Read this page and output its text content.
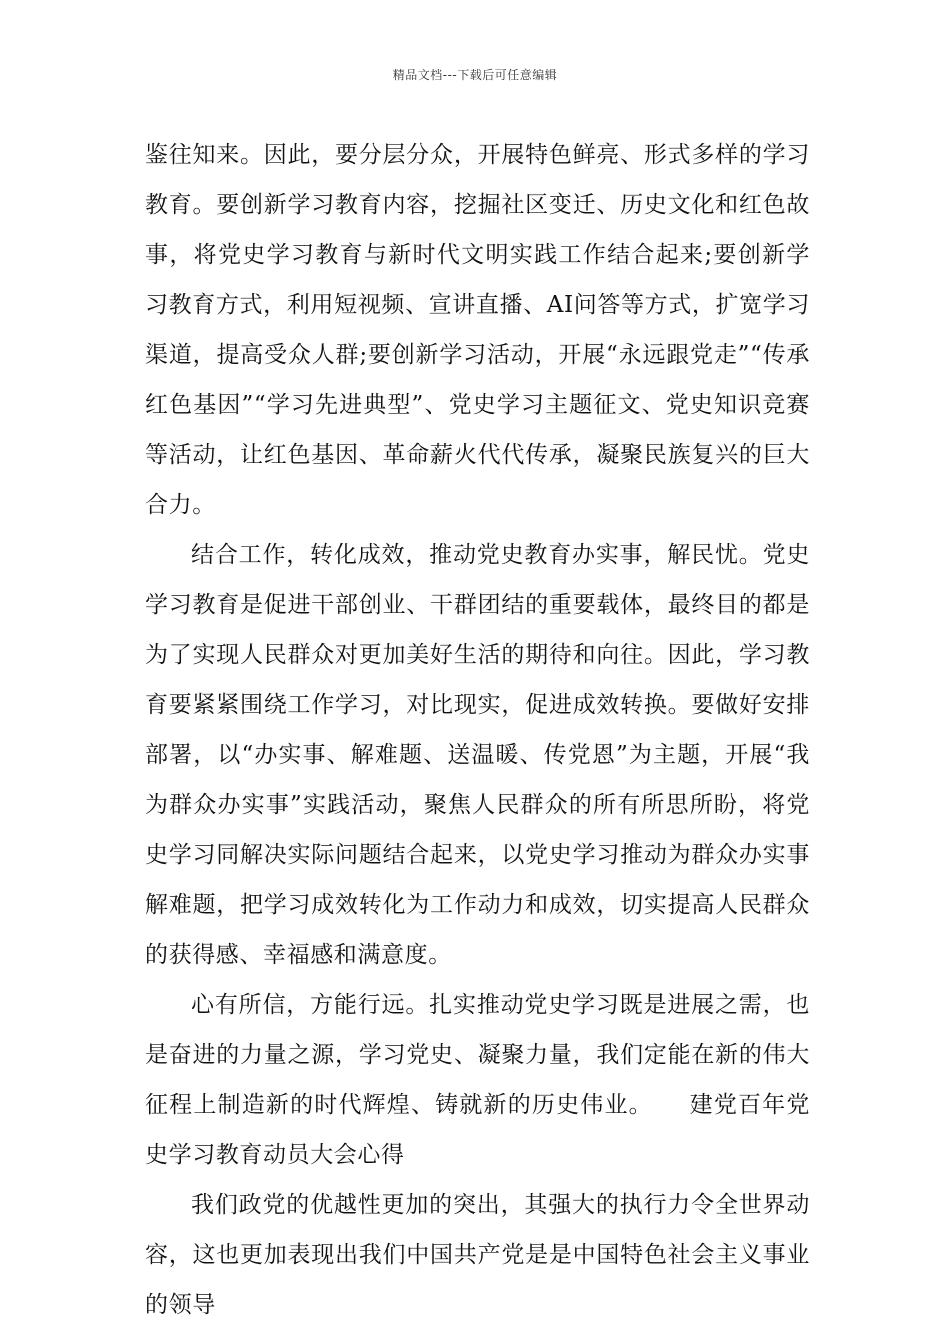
精品文档---下载后可任意编辑

鉴往知来。因此，要分层分众，开展特色鲜亮、形式多样的学习教育。要创新学习教育内容，挖掘社区变迁、历史文化和红色故事，将党史学习教育与新时代文明实践工作结合起来;要创新学习教育方式，利用短视频、宣讲直播、AI问答等方式，扩宽学习渠道，提高受众人群;要创新学习活动，开展“永远跟党走”“传承红色基因”“学习先进典型”、党史学习主题征文、党史知识竞赛等活动，让红色基因、革命薪火代代传承，凝聚民族复兴的巨大合力。

结合工作，转化成效，推动党史教育办实事，解民忧。党史学习教育是促进干部创业、干群团结的重要载体，最终目的都是为了实现人民群众对更加美好生活的期待和向往。因此，学习教育要紧紧围绕工作学习，对比现实，促进成效转换。要做好安排部署，以“办实事、解难题、送温暖、传党恩”为主题，开展“我为群众办实事”实践活动，聚焦人民群众的所有所思所盼，将党史学习同解决实际问题结合起来，以党史学习推动为群众办实事解难题，把学习成效转化为工作动力和成效，切实提高人民群众的获得感、幸福感和满意度。

心有所信，方能行远。扎实推动党史学习既是进展之需，也是奋进的力量之源，学习党史、凝聚力量，我们定能在新的伟大征程上制造新的时代辉煌、铸就新的历史伟业。　　建党百年党史学习教育动员大会心得

我们政党的优越性更加的突出，其强大的执行力令全世界动容，这也更加表现出我们中国共产党是是中国特色社会主义事业的领导
